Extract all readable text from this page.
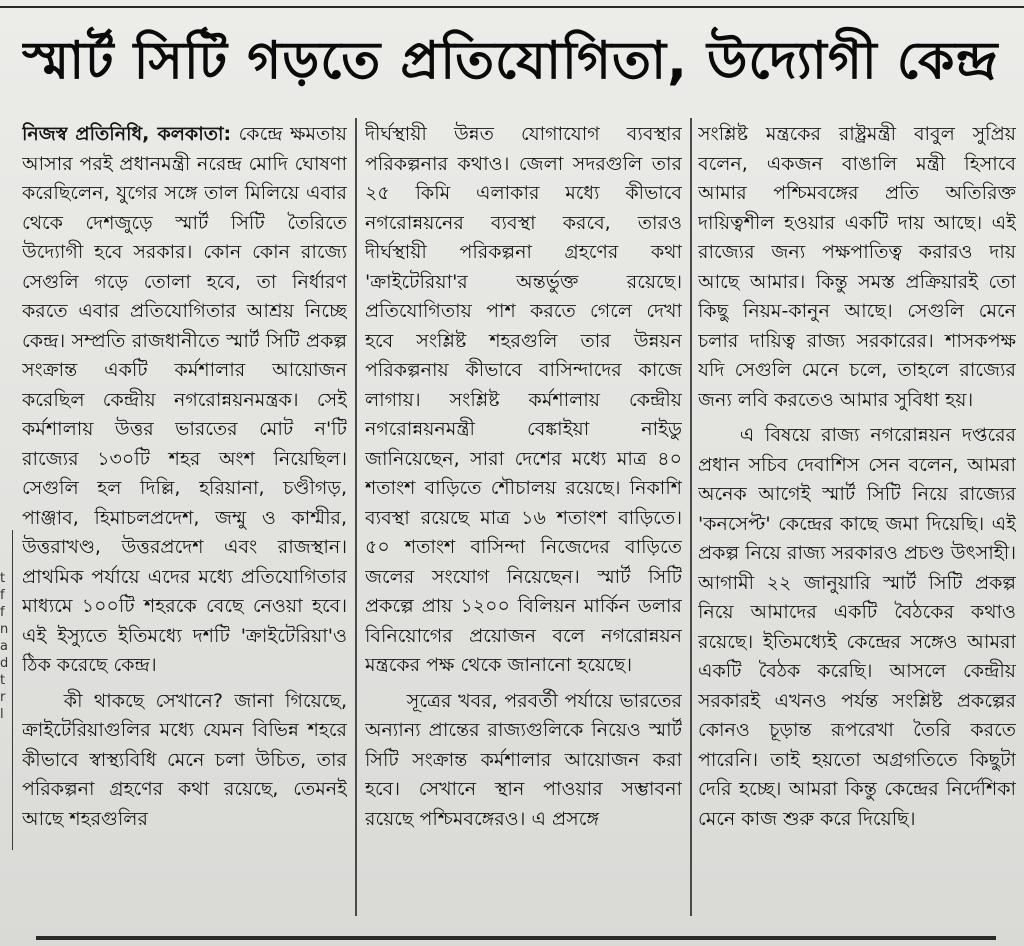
স্মার্ট সিটি গড়তে প্রতিযোগিতা, উদ্যোগী কেন্দ্র
t
f
f
n
a
d
t
r
l

নিজস্ব প্রতিনিধি, কলকাতা: কেন্দ্রে ক্ষমতায় আসার পরই প্রধানমন্ত্রী নরেন্দ্র মোদি ঘোষণা করেছিলেন, যুগের সঙ্গে তাল মিলিয়ে এবার থেকে দেশজুড়ে স্মার্ট সিটি তৈরিতে উদ্যোগী হবে সরকার। কোন কোন রাজ্যে সেগুলি গড়ে তোলা হবে, তা নির্ধারণ করতে এবার প্রতিযোগিতার আশ্রয় নিচ্ছে কেন্দ্র। সম্প্রতি রাজধানীতে স্মার্ট সিটি প্রকল্প সংক্রান্ত একটি কর্মশালার আয়োজন করেছিল কেন্দ্রীয় নগরোন্নয়নমন্ত্রক। সেই কর্মশালায় উত্তর ভারতের মোট ন'টি রাজ্যের ১৩০টি শহর অংশ নিয়েছিল। সেগুলি হল দিল্লি, হরিয়ানা, চণ্ডীগড়, পাঞ্জাব, হিমাচলপ্রদেশ, জম্মু ও কাশ্মীর, উত্তরাখণ্ড, উত্তরপ্রদেশ এবং রাজস্থান। প্রাথমিক পর্যায়ে এদের মধ্যে প্রতিযোগিতার মাধ্যমে ১০০টি শহরকে বেছে নেওয়া হবে। এই ইস্যুতে ইতিমধ্যে দশটি 'ক্রাইটেরিয়া'ও ঠিক করেছে কেন্দ্র।

কী থাকছে সেখানে? জানা গিয়েছে, ক্রাইটেরিয়াগুলির মধ্যে যেমন বিভিন্ন শহরে কীভাবে স্বাস্থ্যবিধি মেনে চলা উচিত, তার পরিকল্পনা গ্রহণের কথা রয়েছে, তেমনই আছে শহরগুলির

দীর্ঘস্থায়ী উন্নত যোগাযোগ ব্যবস্থার পরিকল্পনার কথাও। জেলা সদরগুলি তার ২৫ কিমি এলাকার মধ্যে কীভাবে নগরোন্নয়নের ব্যবস্থা করবে, তারও দীর্ঘস্থায়ী পরিকল্পনা গ্রহণের কথা 'ক্রাইটেরিয়া'র অন্তর্ভুক্ত রয়েছে। প্রতিযোগিতায় পাশ করতে গেলে দেখা হবে সংশ্লিষ্ট শহরগুলি তার উন্নয়ন পরিকল্পনায় কীভাবে বাসিন্দাদের কাজে লাগায়। সংশ্লিষ্ট কর্মশালায় কেন্দ্রীয় নগরোন্নয়নমন্ত্রী বেঙ্কাইয়া নাইডু জানিয়েছেন, সারা দেশের মধ্যে মাত্র ৪০ শতাংশ বাড়িতে শৌচালয় রয়েছে। নিকাশি ব্যবস্থা রয়েছে মাত্র ১৬ শতাংশ বাড়িতে। ৫০ শতাংশ বাসিন্দা নিজেদের বাড়িতে জলের সংযোগ নিয়েছেন। স্মার্ট সিটি প্রকল্পে প্রায় ১২০০ বিলিয়ন মার্কিন ডলার বিনিয়োগের প্রয়োজন বলে নগরোন্নয়ন মন্ত্রকের পক্ষ থেকে জানানো হয়েছে।

সূত্রের খবর, পরবর্তী পর্যায়ে ভারতের অন্যান্য প্রান্তের রাজ্যগুলিকে নিয়েও স্মার্ট সিটি সংক্রান্ত কর্মশালার আয়োজন করা হবে। সেখানে স্থান পাওয়ার সম্ভাবনা রয়েছে পশ্চিমবঙ্গেরও। এ প্রসঙ্গে

সংশ্লিষ্ট মন্ত্রকের রাষ্ট্রমন্ত্রী বাবুল সুপ্রিয় বলেন, একজন বাঙালি মন্ত্রী হিসাবে আমার পশ্চিমবঙ্গের প্রতি অতিরিক্ত দায়িত্বশীল হওয়ার একটি দায় আছে। এই রাজ্যের জন্য পক্ষপাতিত্ব করারও দায় আছে আমার। কিন্তু সমস্ত প্রক্রিয়ারই তো কিছু নিয়ম-কানুন আছে। সেগুলি মেনে চলার দায়িত্ব রাজ্য সরকারের। শাসকপক্ষ যদি সেগুলি মেনে চলে, তাহলে রাজ্যের জন্য লবি করতেও আমার সুবিধা হয়।

এ বিষয়ে রাজ্য নগরোন্নয়ন দপ্তরের প্রধান সচিব দেবাশিস সেন বলেন, আমরা অনেক আগেই স্মার্ট সিটি নিয়ে রাজ্যের 'কনসেপ্ট' কেন্দ্রের কাছে জমা দিয়েছি। এই প্রকল্প নিয়ে রাজ্য সরকারও প্রচণ্ড উৎসাহী। আগামী ২২ জানুয়ারি স্মার্ট সিটি প্রকল্প নিয়ে আমাদের একটি বৈঠকের কথাও রয়েছে। ইতিমধ্যেই কেন্দ্রের সঙ্গেও আমরা একটি বৈঠক করেছি। আসলে কেন্দ্রীয় সরকারই এখনও পর্যন্ত সংশ্লিষ্ট প্রকল্পের কোনও চূড়ান্ত রূপরেখা তৈরি করতে পারেনি। তাই হয়তো অগ্রগতিতে কিছুটা দেরি হচ্ছে। আমরা কিন্তু কেন্দ্রের নির্দেশিকা মেনে কাজ শুরু করে দিয়েছি।
